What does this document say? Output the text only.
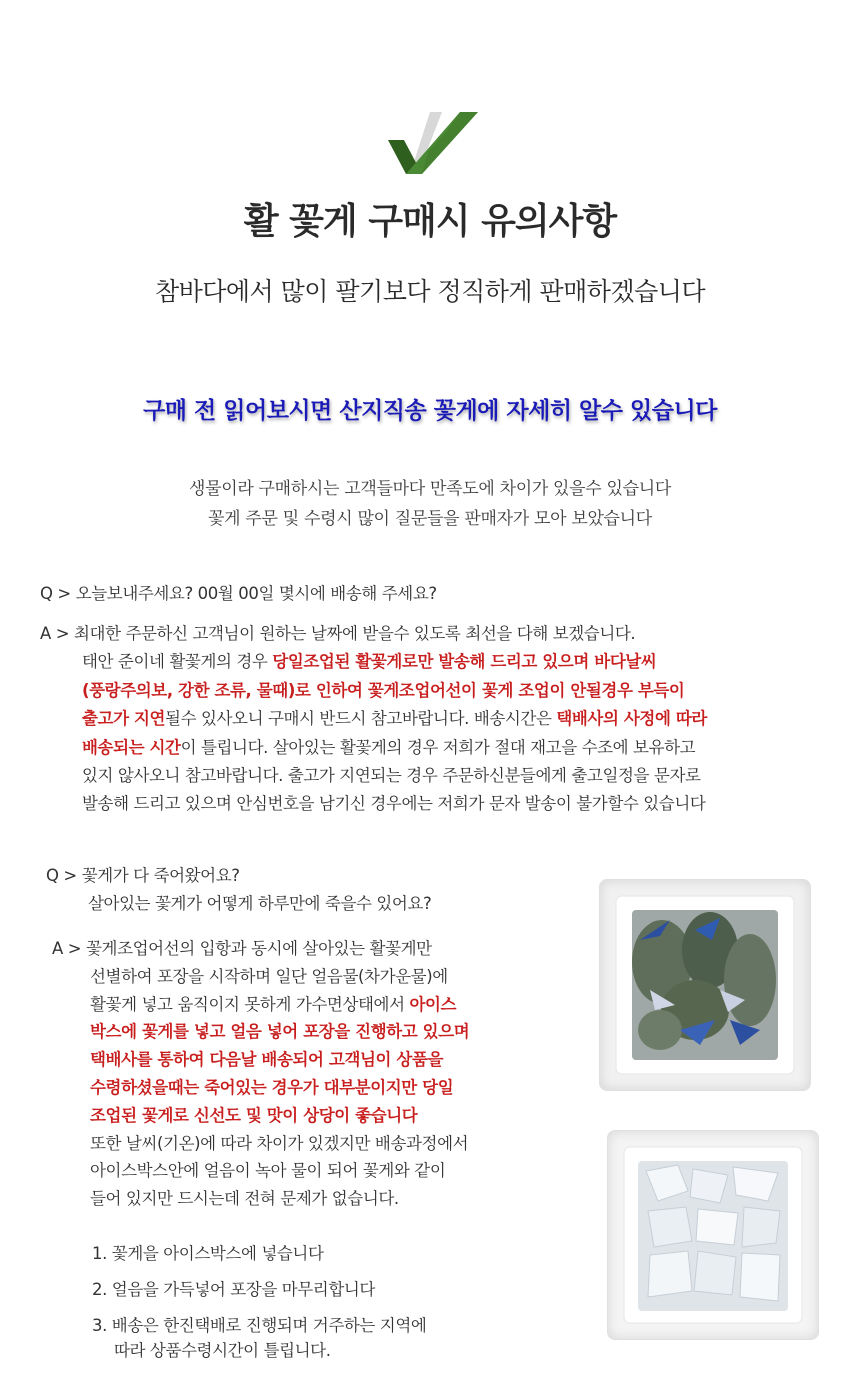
활 꽃게 구매시 유의사항
참바다에서 많이 팔기보다 정직하게 판매하겠습니다
구매 전 읽어보시면 산지직송 꽃게에 자세히 알수 있습니다
생물이라 구매하시는 고객들마다 만족도에 차이가 있을수 있습니다
꽃게 주문 및 수령시 많이 질문들을 판매자가 모아 보았습니다
Q > 오늘보내주세요? 00월 00일 몇시에 배송해 주세요?
A > 최대한 주문하신 고객님이 원하는 날짜에 받을수 있도록 최선을 다해 보겠습니다.
태안 준이네 활꽃게의 경우 당일조업된 활꽃게로만 발송해 드리고 있으며 바다날씨
(풍랑주의보, 강한 조류, 물때)로 인하여 꽃게조업어선이 꽃게 조업이 안될경우 부득이
출고가 지연될수 있사오니 구매시 반드시 참고바랍니다. 배송시간은 택배사의 사정에 따라
배송되는 시간이 틀립니다. 살아있는 활꽃게의 경우 저희가 절대 재고을 수조에 보유하고
있지 않사오니 참고바랍니다. 출고가 지연되는 경우 주문하신분들에게 출고일정을 문자로
발송해 드리고 있으며 안심번호을 남기신 경우에는 저희가 문자 발송이 불가할수 있습니다
Q > 꽃게가 다 죽어왔어요?
살아있는 꽃게가 어떻게 하루만에 죽을수 있어요?
A > 꽃게조업어선의 입항과 동시에 살아있는 활꽃게만
선별하여 포장을 시작하며 일단 얼음물(차가운물)에
활꽃게 넣고 움직이지 못하게 가수면상태에서 아이스
박스에 꽃게를 넣고 얼음 넣어 포장을 진행하고 있으며
택배사를 통하여 다음날 배송되어 고객님이 상품을
수령하셨을때는 죽어있는 경우가 대부분이지만 당일
조업된 꽃게로 신선도 및 맛이 상당이 좋습니다
또한 날씨(기온)에 따라 차이가 있겠지만 배송과정에서
아이스박스안에 얼음이 녹아 물이 되어 꽃게와 같이
들어 있지만 드시는데 전혀 문제가 없습니다.
1. 꽃게을 아이스박스에 넣습니다
2. 얼음을 가득넣어 포장을 마무리합니다
3. 배송은 한진택배로 진행되며 거주하는 지역에
따라 상품수령시간이 틀립니다.
